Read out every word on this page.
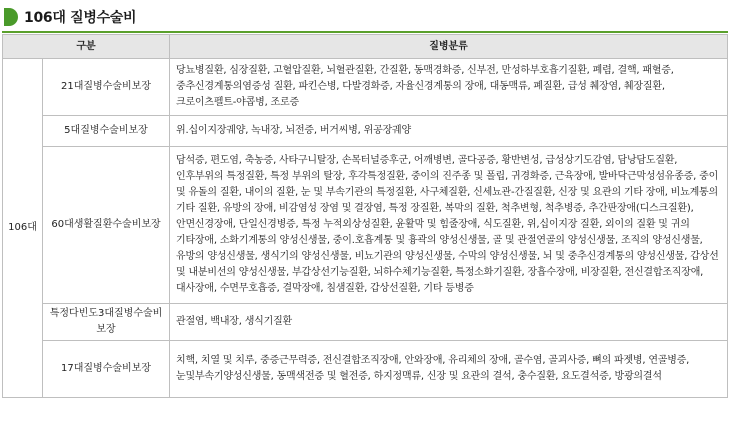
106대 질병수술비
구분		질병분류
106대	21대질병수술비보장	당뇨병질환, 심장질환, 고혈압질환, 뇌혈관질환, 간질환, 동맥경화증, 신부전, 만성하부호흡기질환, 폐렴, 결핵, 패혈증, 중추신경계통의염증성 질환, 파킨슨병, 다발경화증, 자율신경계통의 장애, 대동맥류, 폐질환, 급성 췌장염, 췌장질환, 크로이츠펠트-야콥병, 조로증
	5대질병수술비보장	위.십이지장궤양, 녹내장, 뇌전증, 버거씨병, 위공장궤양
	60대생활질환수술비보장	담석증, 편도염, 축농증, 사타구니탈장, 손목터널증후군, 어깨병변, 골다공증, 황반변성, 급성상기도감염, 담낭담도질환, 인후부위의 특정질환, 특정 부위의 탈장, 후각특정질환, 중이의 진주종 및 폴립, 귀경화증, 근육장애, 발바닥근막성섬유종증, 중이 및 유돌의 질환, 내이의 질환, 눈 및 부속기관의 특정질환, 사구체질환, 신세뇨관-간질질환, 신장 및 요관의 기타 장애, 비뇨계통의 기타 질환, 유방의 장애, 비감염성 장염 및 결장염, 특정 장질환, 복막의 질환, 척추변형, 척추병증, 추간판장애(디스크질환), 안면신경장애, 단일신경병증, 특정 누적외상성질환, 윤활막 및 힘줄장애, 식도질환, 위,십이지장 질환, 외이의 질환 및 귀의 기타장애, 소화기계통의 양성신생물, 중이.호흡계통 및 흉곽의 양성신생물, 골 및 관절연골의 양성신생물, 조직의 양성신생물, 유방의 양성신생물, 생식기의 양성신생물, 비뇨기관의 양성신생물, 수막의 양성신생물, 뇌 및 중추신경계통의 양성신생물, 갑상선 및 내분비선의 양성신생물, 부갑상선기능질환, 뇌하수체기능질환, 특정소화기질환, 장흡수장애, 비장질환, 전신결합조직장애, 대사장애, 수면무호흡증, 결막장애, 침샘질환, 갑상선질환, 기타 등병증
	특정다빈도3대질병수술비보장	관절염, 백내장, 생식기질환
	17대질병수술비보장	치핵, 치열 및 치루, 중증근무력증, 전신결합조직장애, 안와장애, 유리체의 장애, 골수염, 골괴사증, 뼈의 파젯병, 연골병증, 눈및부속기양성신생물, 동맥색전증 및 혈전증, 하지정맥류, 신장 및 요관의 결석, 충수질환, 요도결석증, 방광의결석
